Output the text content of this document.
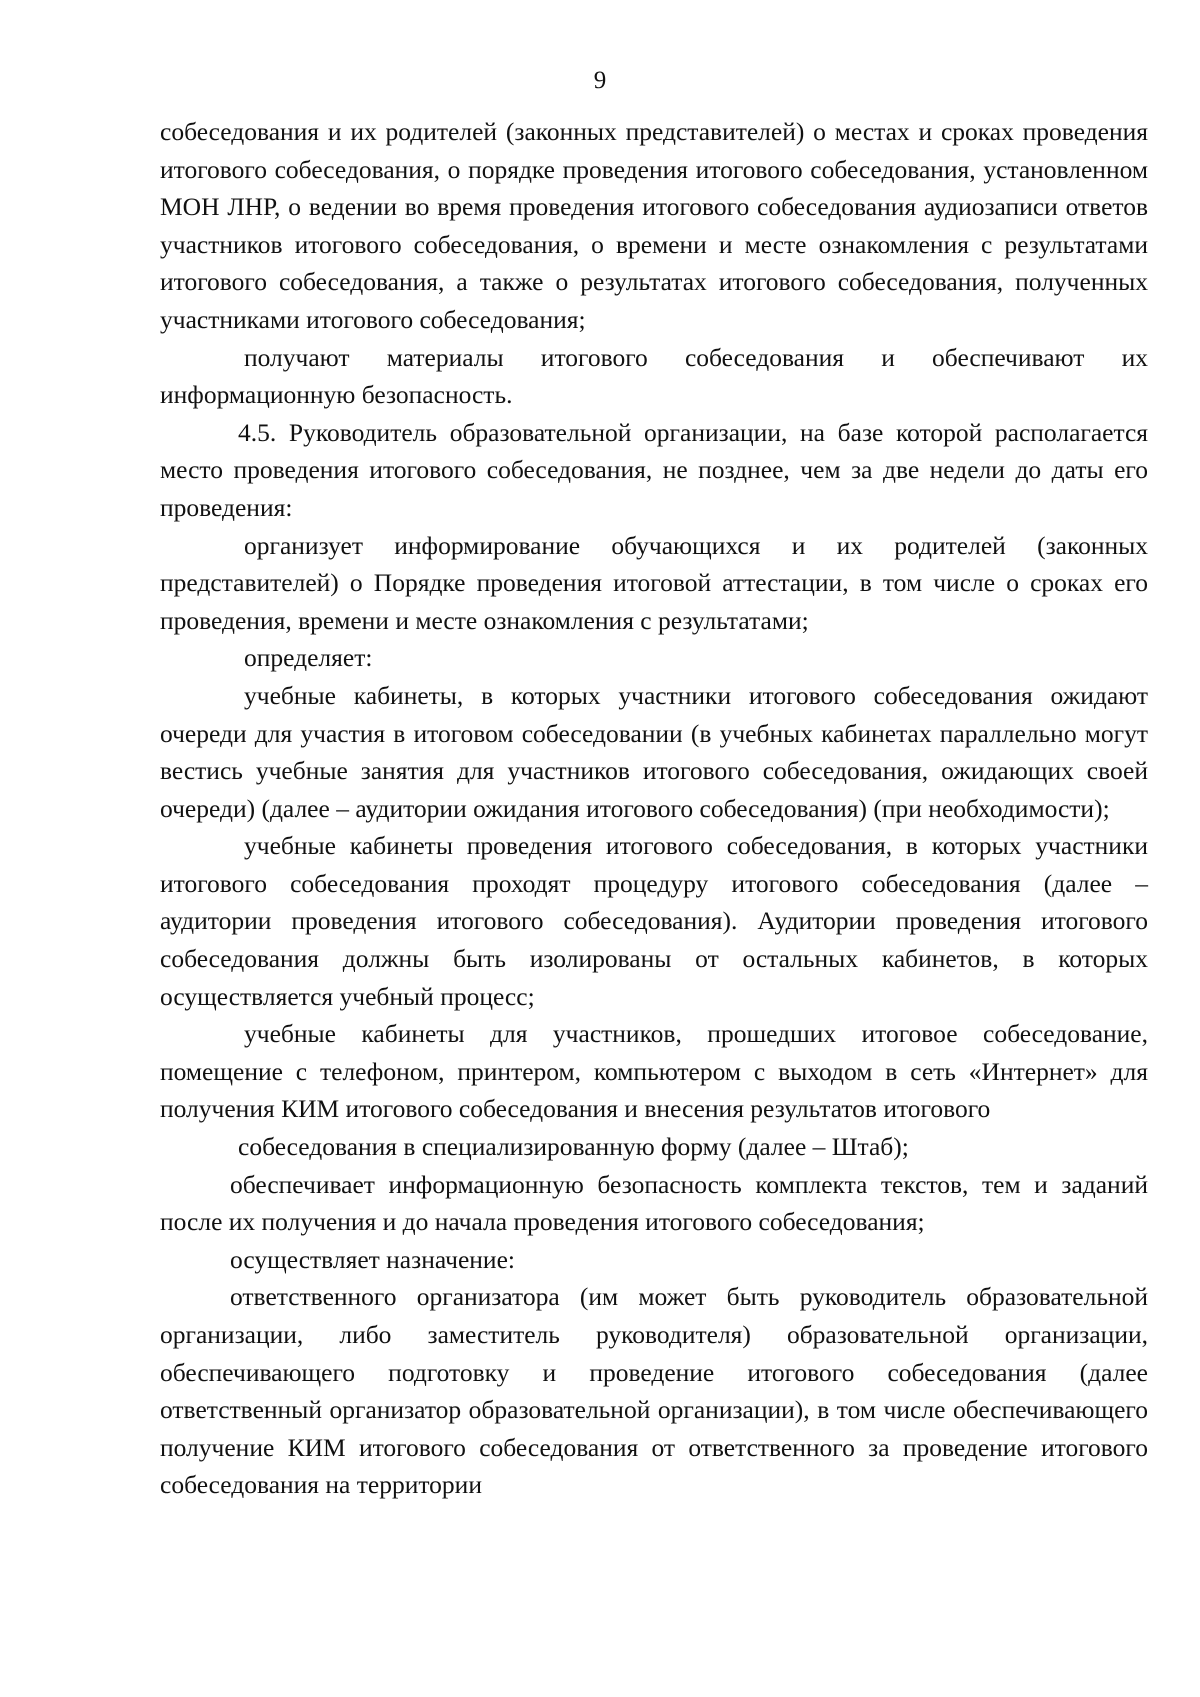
9

собеседования и их родителей (законных представителей) о местах и сроках проведения итогового собеседования, о порядке проведения итогового собеседования, установленном МОН ЛНР, о ведении во время проведения итогового собеседования аудиозаписи ответов участников итогового собеседования, о времени и месте ознакомления с результатами итогового собеседования, а также о результатах итогового собеседования, полученных участниками итогового собеседования;

получают материалы итогового собеседования и обеспечивают их информационную безопасность.

4.5. Руководитель образовательной организации, на базе которой располагается место проведения итогового собеседования, не позднее, чем за две недели до даты его проведения:

организует информирование обучающихся и их родителей (законных представителей) о Порядке проведения итоговой аттестации, в том числе о сроках его проведения, времени и месте ознакомления с результатами;

определяет:

учебные кабинеты, в которых участники итогового собеседования ожидают очереди для участия в итоговом собеседовании (в учебных кабинетах параллельно могут вестись учебные занятия для участников итогового собеседования, ожидающих своей очереди) (далее – аудитории ожидания итогового собеседования) (при необходимости);

учебные кабинеты проведения итогового собеседования, в которых участники итогового собеседования проходят процедуру итогового собеседования (далее – аудитории проведения итогового собеседования). Аудитории проведения итогового собеседования должны быть изолированы от остальных кабинетов, в которых осуществляется учебный процесс;

учебные кабинеты для участников, прошедших итоговое собеседование, помещение с телефоном, принтером, компьютером с выходом в сеть «Интернет» для получения КИМ итогового собеседования и внесения результатов итогового

собеседования в специализированную форму (далее – Штаб);

обеспечивает информационную безопасность комплекта текстов, тем и заданий после их получения и до начала проведения итогового собеседования;

осуществляет назначение:

ответственного организатора (им может быть руководитель образовательной организации, либо заместитель руководителя) образовательной организации, обеспечивающего подготовку и проведение итогового собеседования (далее ответственный организатор образовательной организации), в том числе обеспечивающего получение КИМ итогового собеседования от ответственного за проведение итогового собеседования на территории
